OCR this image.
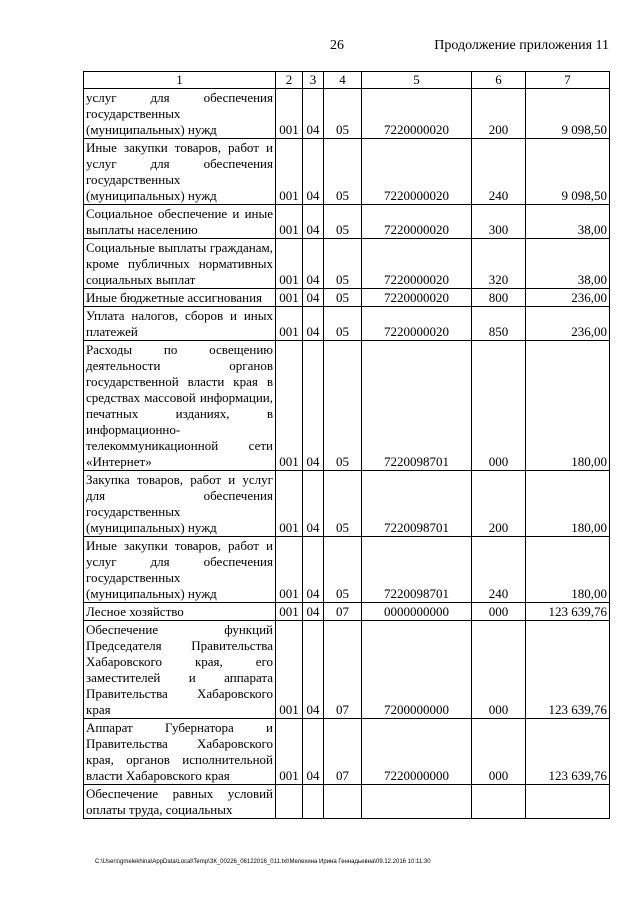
26	Продолжение приложения 11
1	2	3	4	5	6	7
услуг для обеспечения государственных (муниципальных) нужд	001	04	05	7220000020	200	9 098,50
Иные закупки товаров, работ и услуг для обеспечения государственных (муниципальных) нужд	001	04	05	7220000020	240	9 098,50
Социальное обеспечение и иные выплаты населению	001	04	05	7220000020	300	38,00
Социальные выплаты гражданам, кроме публичных нормативных социальных выплат	001	04	05	7220000020	320	38,00
Иные бюджетные ассигнования	001	04	05	7220000020	800	236,00
Уплата налогов, сборов и иных платежей	001	04	05	7220000020	850	236,00
Расходы по освещению деятельности органов государственной власти края в средствах массовой информации, печатных изданиях, в информационно-телекоммуникационной сети «Интернет»	001	04	05	7220098701	000	180,00
Закупка товаров, работ и услуг для обеспечения государственных (муниципальных) нужд	001	04	05	7220098701	200	180,00
Иные закупки товаров, работ и услуг для обеспечения государственных (муниципальных) нужд	001	04	05	7220098701	240	180,00
Лесное хозяйство	001	04	07	0000000000	000	123 639,76
Обеспечение функций Председателя Правительства Хабаровского края, его заместителей и аппарата Правительства Хабаровского края	001	04	07	7200000000	000	123 639,76
Аппарат Губернатора и Правительства Хабаровского края, органов исполнительной власти Хабаровского края	001	04	07	7220000000	000	123 639,76
Обеспечение равных условий оплаты труда, социальных						
C:\Users\gmelekhina\AppData\Local\Temp\ЗК_00226_06122016_011.txt\Мелехина Ирина Геннадьевна\09.12.2016 10:11:30
